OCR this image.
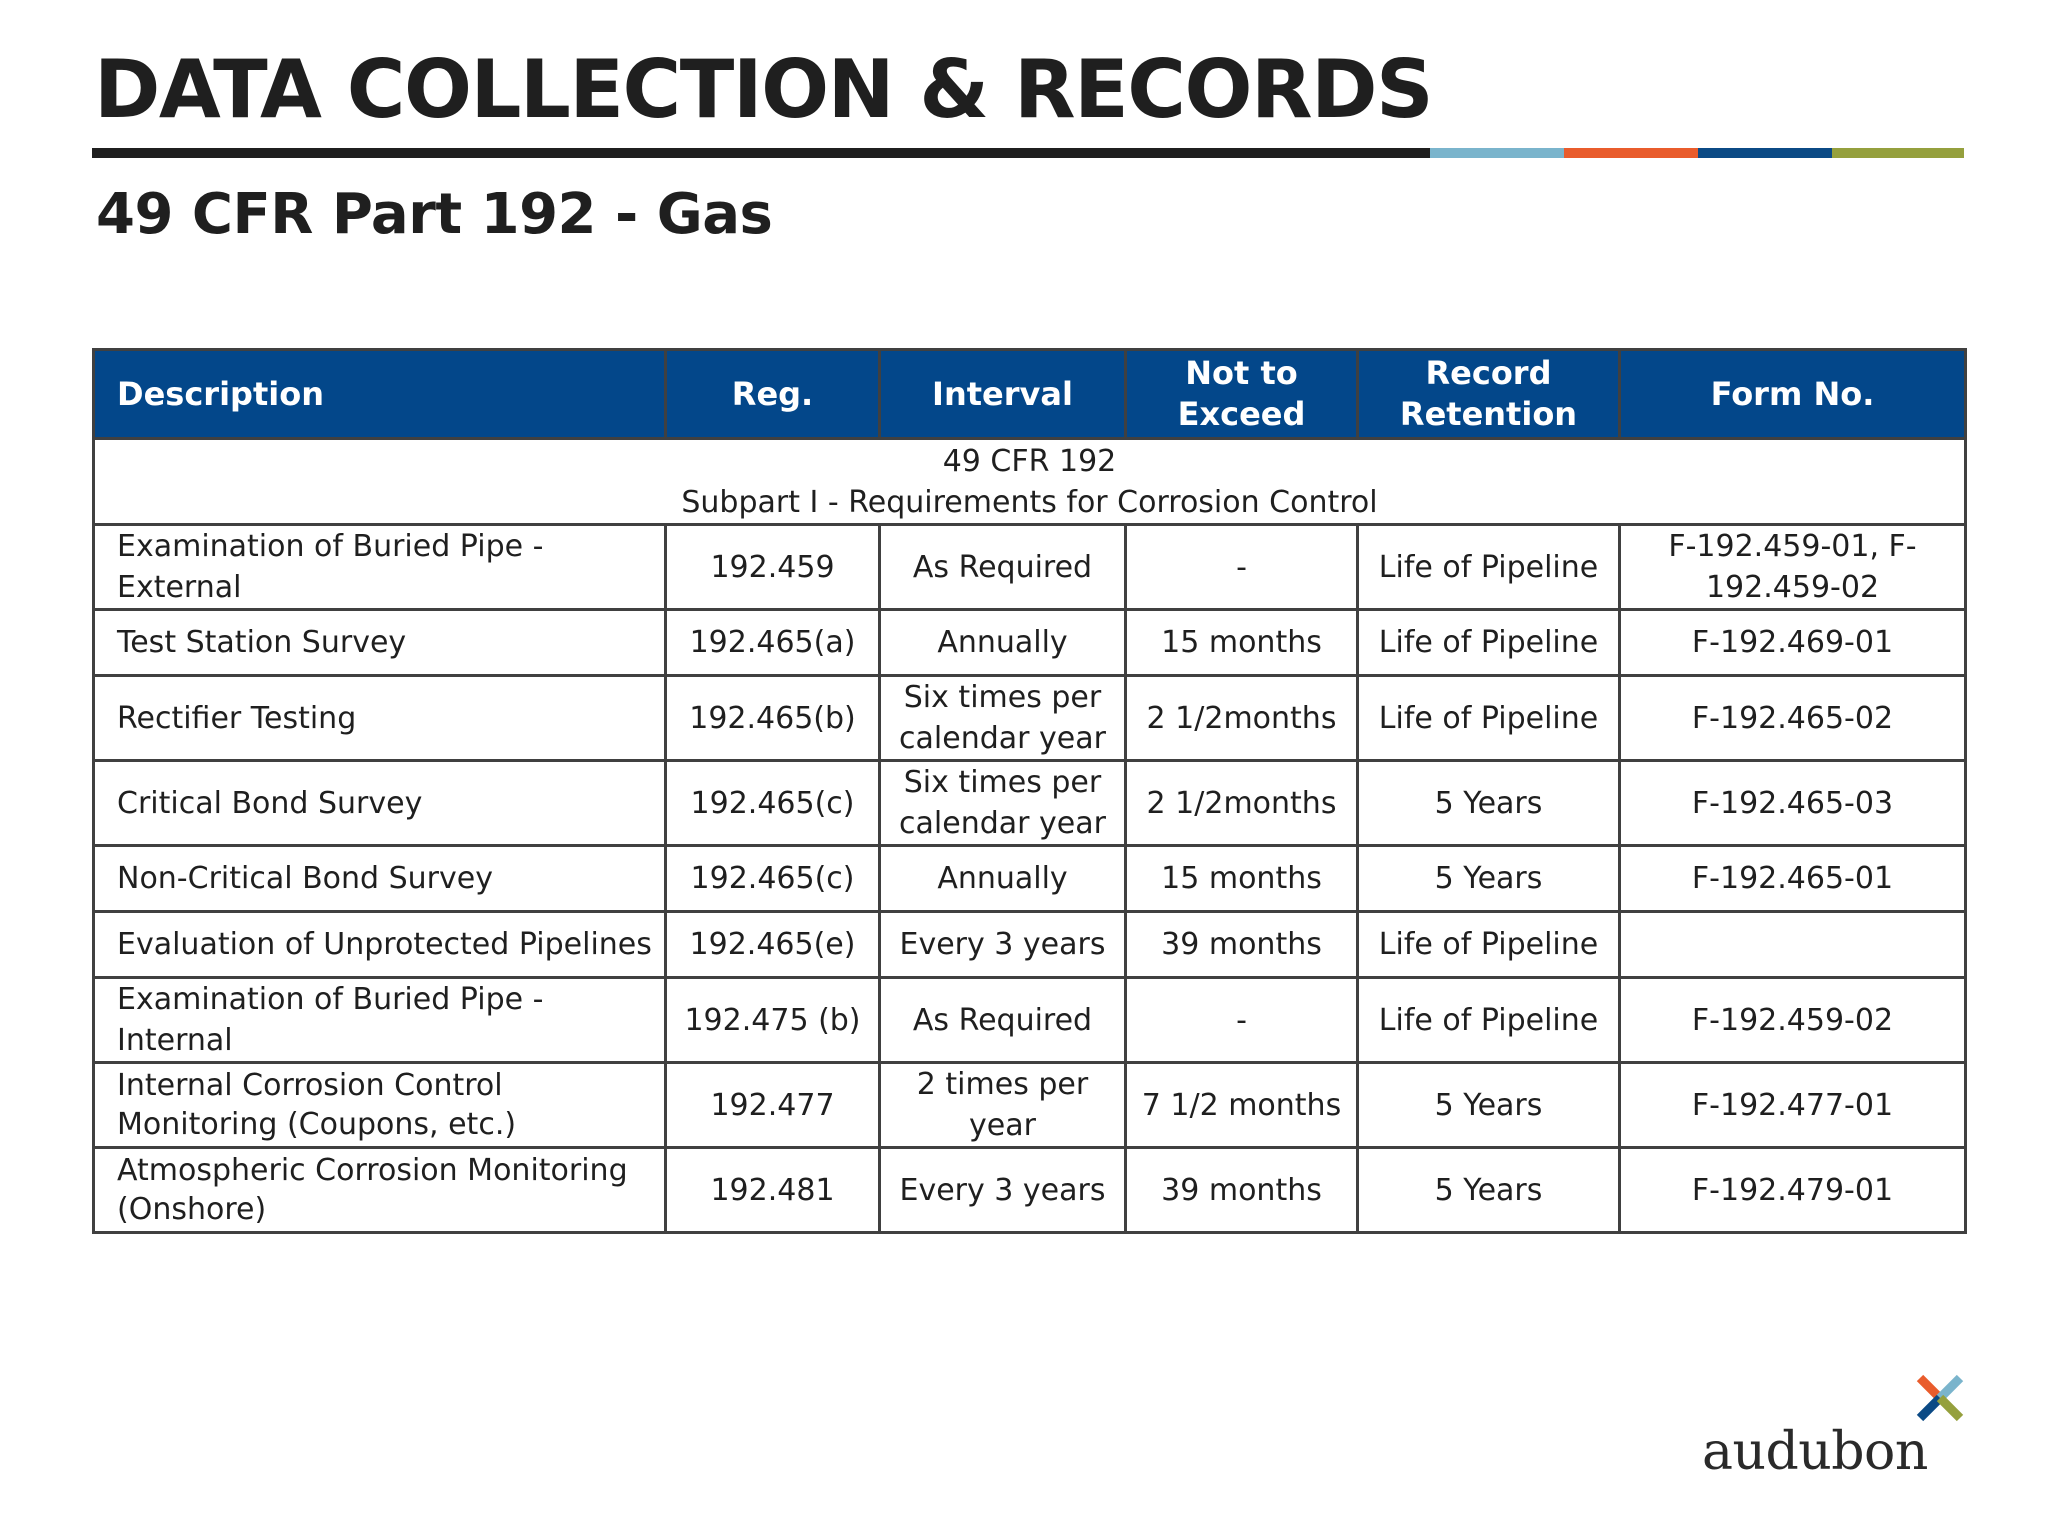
DATA COLLECTION & RECORDS
49 CFR Part 192 - Gas
Description	Reg.	Interval	Not to Exceed	Record Retention	Form No.

49 CFR 192
Subpart I - Requirements for Corrosion Control					

Examination of Buried Pipe - External	192.459	As Required	-	Life of Pipeline	F-192.459-01, F-192.459-02
Test Station Survey	192.465(a)	Annually	15 months	Life of Pipeline	F-192.469-01
Rectifier Testing	192.465(b)	Six times per calendar year	2 1/2months	Life of Pipeline	F-192.465-02
Critical Bond Survey	192.465(c)	Six times per calendar year	2 1/2months	5 Years	F-192.465-03
Non-Critical Bond Survey	192.465(c)	Annually	15 months	5 Years	F-192.465-01
Evaluation of Unprotected Pipelines	192.465(e)	Every 3 years	39 months	Life of Pipeline	
Examination of Buried Pipe - Internal	192.475 (b)	As Required	-	Life of Pipeline	F-192.459-02
Internal Corrosion Control Monitoring (Coupons, etc.)	192.477	2 times per year	7 1/2 months	5 Years	F-192.477-01
Atmospheric Corrosion Monitoring (Onshore)	192.481	Every 3 years	39 months	5 Years	F-192.479-01
audubon
